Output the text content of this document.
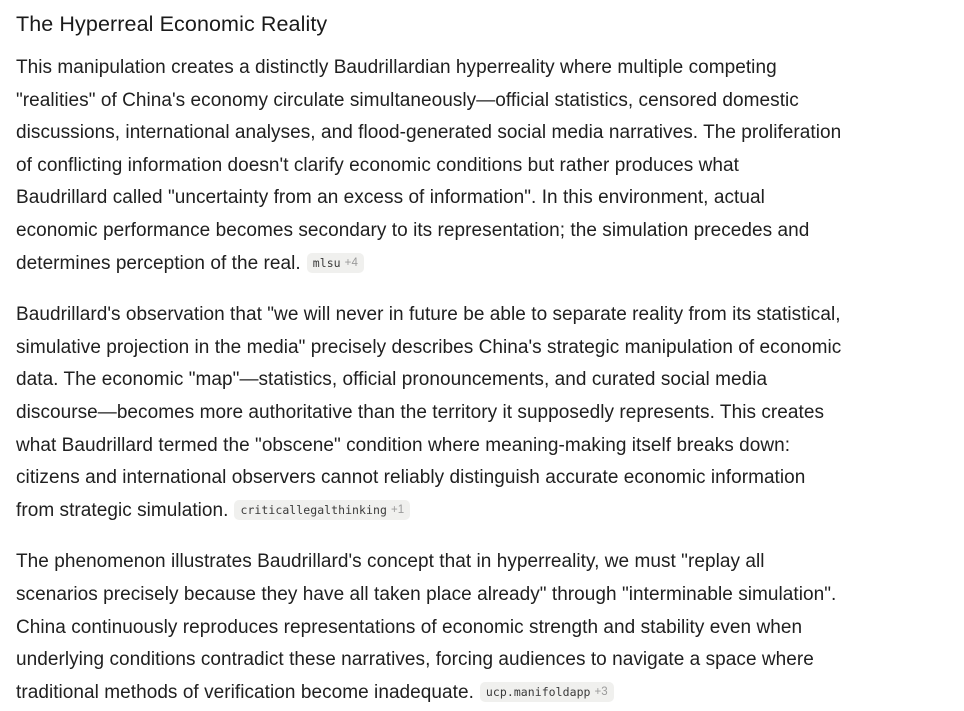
The Hyperreal Economic Reality

This manipulation creates a distinctly Baudrillardian hyperreality where multiple competing
"realities" of China's economy circulate simultaneously—official statistics, censored domestic
discussions, international analyses, and flood-generated social media narratives. The proliferation
of conflicting information doesn't clarify economic conditions but rather produces what
Baudrillard called "uncertainty from an excess of information". In this environment, actual
economic performance becomes secondary to its representation; the simulation precedes and
determines perception of the real. mlsu +4

Baudrillard's observation that "we will never in future be able to separate reality from its statistical,
simulative projection in the media" precisely describes China's strategic manipulation of economic
data. The economic "map"—statistics, official pronouncements, and curated social media
discourse—becomes more authoritative than the territory it supposedly represents. This creates
what Baudrillard termed the "obscene" condition where meaning-making itself breaks down:
citizens and international observers cannot reliably distinguish accurate economic information
from strategic simulation. criticallegalthinking +1

The phenomenon illustrates Baudrillard's concept that in hyperreality, we must "replay all
scenarios precisely because they have all taken place already" through "interminable simulation".
China continuously reproduces representations of economic strength and stability even when
underlying conditions contradict these narratives, forcing audiences to navigate a space where
traditional methods of verification become inadequate. ucp.manifoldapp +3
